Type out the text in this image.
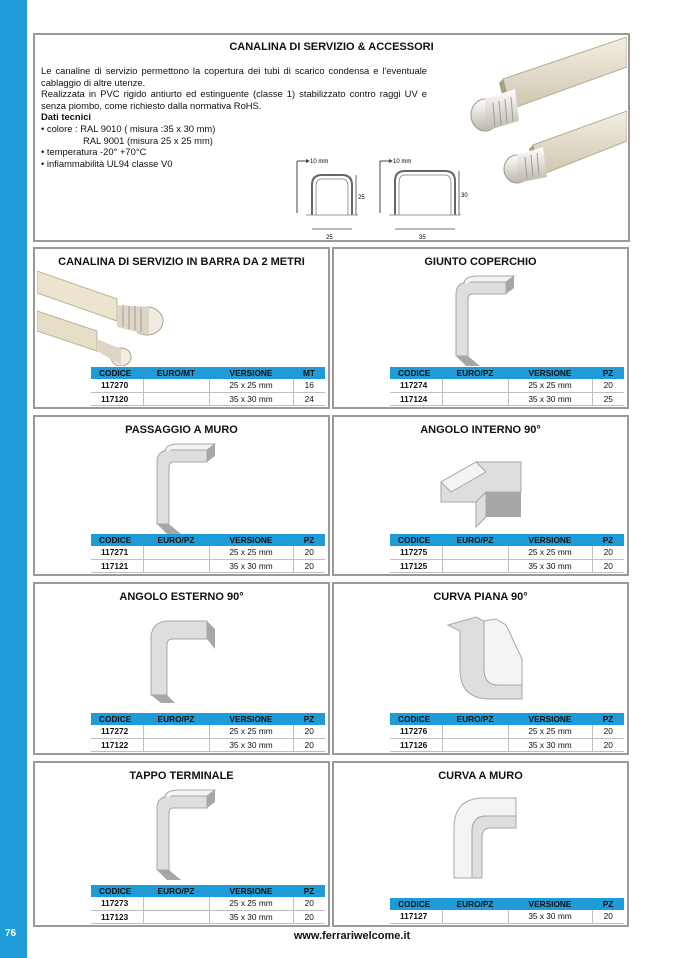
76
CANALINA DI SERVIZIO & ACCESSORI

Le canaline di servizio permettono la copertura dei tubi di scarico condensa e l'eventuale cablaggio di altre utenze.

Realizzata in PVC rigido antiurto ed estinguente (classe 1) stabilizzato contro raggi UV e senza piombo, come richiesto dalla normativa RoHS.

Dati tecnici
• colore : RAL 9010 ( misura :35 x 30 mm)
RAL 9001 (misura 25 x 25 mm)
• temperatura -20° +70°C
• infiammabilità UL94 classe V0	10 mm
25
25
10 mm
30
35
CANALINA DI SERVIZIO IN BARRA DA 2 METRI
CODICE	EURO/MT	VERSIONE	MT
117270		25 x 25 mm	16
117120		35 x 30 mm	24
GIUNTO COPERCHIO
CODICE	EURO/PZ	VERSIONE	PZ
117274		25 x 25 mm	20
117124		35 x 30 mm	25
PASSAGGIO A MURO
CODICE	EURO/PZ	VERSIONE	PZ
117271		25 x 25 mm	20
117121		35 x 30 mm	20
ANGOLO INTERNO 90°
CODICE	EURO/PZ	VERSIONE	PZ
117275		25 x 25 mm	20
117125		35 x 30 mm	20
ANGOLO ESTERNO 90°
CODICE	EURO/PZ	VERSIONE	PZ
117272		25 x 25 mm	20
117122		35 x 30 mm	20
CURVA PIANA 90°
CODICE	EURO/PZ	VERSIONE	PZ
117276		25 x 25 mm	20
117126		35 x 30 mm	20
TAPPO TERMINALE
CODICE	EURO/PZ	VERSIONE	PZ
117273		25 x 25 mm	20
117123		35 x 30 mm	20
CURVA A MURO
CODICE	EURO/PZ	VERSIONE	PZ
117127		35 x 30 mm	20
www.ferrariwelcome.it
